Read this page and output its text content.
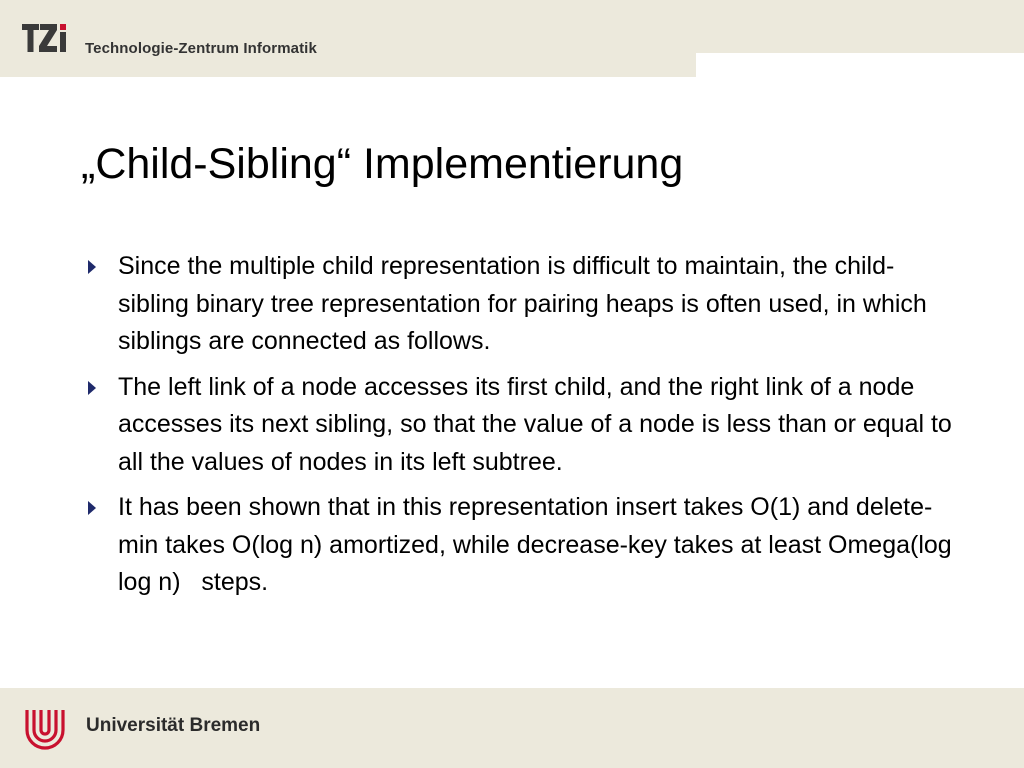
Technologie-Zentrum Informatik
„Child-Sibling“ Implementierung
Since the multiple child representation is difficult to maintain, the child-sibling binary tree representation for pairing heaps is often used, in which siblings are connected as follows.
The left link of a node accesses its first child, and the right link of a node accesses its next sibling, so that the value of a node is less than or equal to all the values of nodes in its left subtree.
It has been shown that in this representation insert takes O(1) and delete-min takes O(log n) amortized, while decrease-key takes at least Omega(log log n)   steps.
Universität Bremen
